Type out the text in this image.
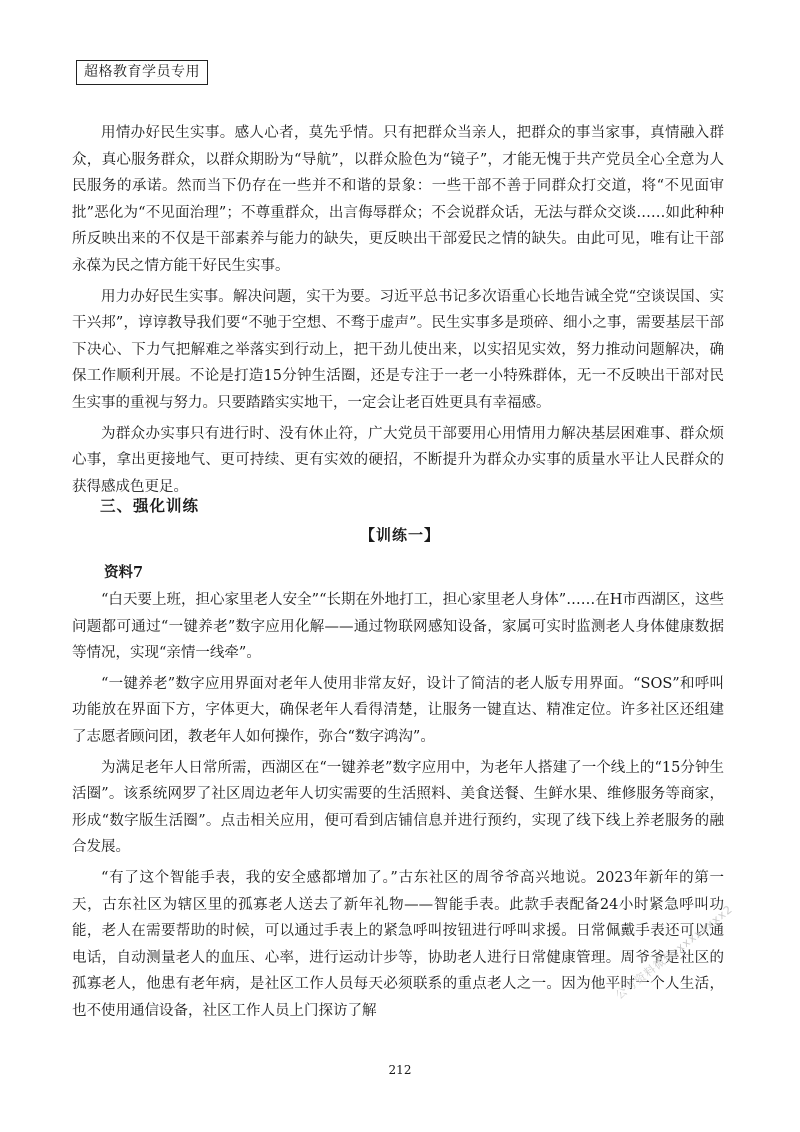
超格教育学员专用

用情办好民生实事。感人心者，莫先乎情。只有把群众当亲人，把群众的事当家事，真情融入群众，真心服务群众，以群众期盼为“导航”，以群众脸色为“镜子”，才能无愧于共产党员全心全意为人民服务的承诺。然而当下仍存在一些并不和谐的景象：一些干部不善于同群众打交道，将“不见面审批”恶化为“不见面治理”；不尊重群众，出言侮辱群众；不会说群众话，无法与群众交谈……如此种种所反映出来的不仅是干部素养与能力的缺失，更反映出干部爱民之情的缺失。由此可见，唯有让干部永葆为民之情方能干好民生实事。

用力办好民生实事。解决问题，实干为要。习近平总书记多次语重心长地告诫全党“空谈误国、实干兴邦”，谆谆教导我们要“不驰于空想、不骛于虚声”。民生实事多是琐碎、细小之事，需要基层干部下决心、下力气把解难之举落实到行动上，把干劲儿使出来，以实招见实效，努力推动问题解决，确保工作顺利开展。不论是打造15分钟生活圈，还是专注于一老一小特殊群体，无一不反映出干部对民生实事的重视与努力。只要踏踏实实地干，一定会让老百姓更具有幸福感。

为群众办实事只有进行时、没有休止符，广大党员干部要用心用情用力解决基层困难事、群众烦心事，拿出更接地气、更可持续、更有实效的硬招，不断提升为群众办实事的质量水平让人民群众的获得感成色更足。

三、强化训练
【训练一】
资料7

“白天要上班，担心家里老人安全”“长期在外地打工，担心家里老人身体”……在H市西湖区，这些问题都可通过“一键养老”数字应用化解——通过物联网感知设备，家属可实时监测老人身体健康数据等情况，实现“亲情一线牵”。

“一键养老”数字应用界面对老年人使用非常友好，设计了简洁的老人版专用界面。“SOS”和呼叫功能放在界面下方，字体更大，确保老年人看得清楚，让服务一键直达、精准定位。许多社区还组建了志愿者顾问团，教老年人如何操作，弥合“数字鸿沟”。

为满足老年人日常所需，西湖区在“一键养老”数字应用中，为老年人搭建了一个线上的“15分钟生活圈”。该系统网罗了社区周边老年人切实需要的生活照料、美食送餐、生鲜水果、维修服务等商家，形成“数字版生活圈”。点击相关应用，便可看到店铺信息并进行预约，实现了线下线上养老服务的融合发展。

“有了这个智能手表，我的安全感都增加了。”古东社区的周爷爷高兴地说。2023年新年的第一天，古东社区为辖区里的孤寡老人送去了新年礼物——智能手表。此款手表配备24小时紧急呼叫功能，老人在需要帮助的时候，可以通过手表上的紧急呼叫按钮进行呼叫求援。日常佩戴手表还可以通电话，自动测量老人的血压、心率，进行运动计步等，协助老人进行日常健康管理。周爷爷是社区的孤寡老人，他患有老年病，是社区工作人员每天必须联系的重点老人之一。因为他平时一个人生活，也不使用通信设备，社区工作人员上门探访了解

公考资料微信:xxxxxxxx2
212
